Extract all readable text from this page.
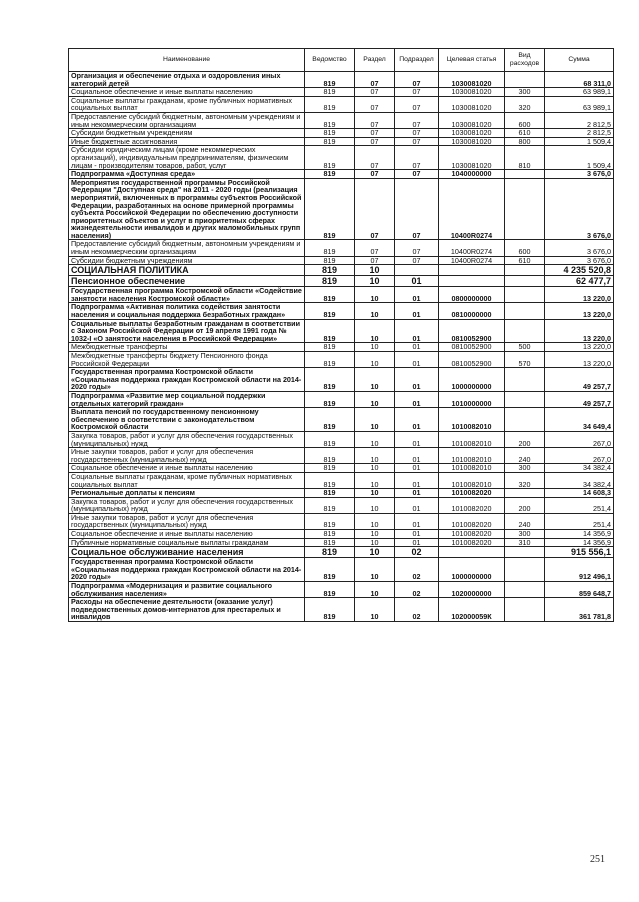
Наименование	Ведомство	Раздел	Подраздел	Целевая статья	Вид расходов	Сумма
Организация и обеспечение отдыха и оздоровления иных категорий детей	819	07	07	1030081020		68 311,0
Социальное обеспечение и иные выплаты населению	819	07	07	1030081020	300	63 989,1
Социальные выплаты гражданам, кроме публичных нормативных социальных выплат	819	07	07	1030081020	320	63 989,1
Предоставление субсидий бюджетным, автономным учреждениям и иным некоммерческим организациям	819	07	07	1030081020	600	2 812,5
Субсидии бюджетным учреждениям	819	07	07	1030081020	610	2 812,5
Иные бюджетные ассигнования	819	07	07	1030081020	800	1 509,4
Субсидии юридическим лицам (кроме некоммерческих организаций), индивидуальным предпринимателям, физическим лицам - производителям товаров, работ, услуг	819	07	07	1030081020	810	1 509,4
Подпрограмма «Доступная среда»	819	07	07	1040000000		3 676,0
Мероприятия государственной программы Российской Федерации "Доступная среда" на 2011 - 2020 годы (реализация мероприятий, включенных в программы субъектов Российской Федерации, разработанных на основе примерной программы субъекта Российской Федерации по обеспечению доступности приоритетных объектов и услуг в приоритетных сферах жизнедеятельности инвалидов и других маломобильных групп населения)	819	07	07	10400R0274		3 676,0
Предоставление субсидий бюджетным, автономным учреждениям и иным некоммерческим организациям	819	07	07	10400R0274	600	3 676,0
Субсидии бюджетным учреждениям	819	07	07	10400R0274	610	3 676,0
СОЦИАЛЬНАЯ ПОЛИТИКА	819	10				4 235 520,8
Пенсионное обеспечение	819	10	01			62 477,7
Государственная программа Костромской области «Содействие занятости населения Костромской области»	819	10	01	0800000000		13 220,0
Подпрограмма «Активная политика содействия занятости населения и социальная поддержка безработных граждан»	819	10	01	0810000000		13 220,0
Социальные выплаты безработным гражданам в соответствии с Законом Российской Федерации от 19 апреля 1991 года № 1032-I «О занятости населения в Российской Федерации»	819	10	01	0810052900		13 220,0
Межбюджетные трансферты	819	10	01	0810052900	500	13 220,0
Межбюджетные трансферты бюджету Пенсионного фонда Российской Федерации	819	10	01	0810052900	570	13 220,0
Государственная программа Костромской области «Социальная поддержка граждан Костромской области на 2014-2020 годы»	819	10	01	1000000000		49 257,7
Подпрограмма «Развитие мер социальной поддержки отдельных категорий граждан»	819	10	01	1010000000		49 257,7
Выплата пенсий по государственному пенсионному обеспечению в соответствии с законодательством Костромской области	819	10	01	1010082010		34 649,4
Закупка товаров, работ и услуг для обеспечения государственных (муниципальных) нужд	819	10	01	1010082010	200	267,0
Иные закупки товаров, работ и услуг для обеспечения государственных (муниципальных) нужд	819	10	01	1010082010	240	267,0
Социальное обеспечение и иные выплаты населению	819	10	01	1010082010	300	34 382,4
Социальные выплаты гражданам, кроме публичных нормативных социальных выплат	819	10	01	1010082010	320	34 382,4
Региональные доплаты к пенсиям	819	10	01	1010082020		14 608,3
Закупка товаров, работ и услуг для обеспечения государственных (муниципальных) нужд	819	10	01	1010082020	200	251,4
Иные закупки товаров, работ и услуг для обеспечения государственных (муниципальных) нужд	819	10	01	1010082020	240	251,4
Социальное обеспечение и иные выплаты населению	819	10	01	1010082020	300	14 356,9
Публичные нормативные социальные выплаты гражданам	819	10	01	1010082020	310	14 356,9
Социальное обслуживание населения	819	10	02			915 556,1
Государственная программа Костромской области «Социальная поддержка граждан Костромской области на 2014-2020 годы»	819	10	02	1000000000		912 496,1
Подпрограмма «Модернизация и развитие социального обслуживания населения»	819	10	02	1020000000		859 648,7
Расходы на обеспечение деятельности (оказание услуг) подведомственных домов-интернатов для престарелых и инвалидов	819	10	02	102000059К		361 781,8
251
